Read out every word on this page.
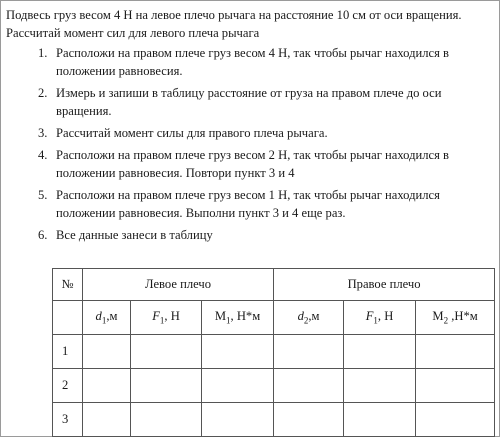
Подвесь груз весом 4 Н на левое плечо рычага на расстояние 10 см от оси вращения. Рассчитай момент сил для левого плеча рычага
1. Расположи на правом плече груз весом 4 Н, так чтобы рычаг находился в положении равновесия.
2. Измерь и запиши в таблицу расстояние от груза на правом плече до оси вращения.
3. Рассчитай момент силы для правого плеча рычага.
4. Расположи на правом плече груз весом 2 Н, так чтобы рычаг находился в положении равновесия. Повтори пункт 3 и 4
5. Расположи на правом плече груз весом 1 Н, так чтобы рычаг находился положении равновесия. Выполни пункт 3 и 4 еще раз.
6. Все данные занеси в таблицу
№	Левое плечо			Правое плечо		
	$d_1,м$	$F_1$, Н	$М_1$, Н*м	$d_2,м$	$F_1$, Н	$М_2$ ,Н*м
1						
2						
3						
